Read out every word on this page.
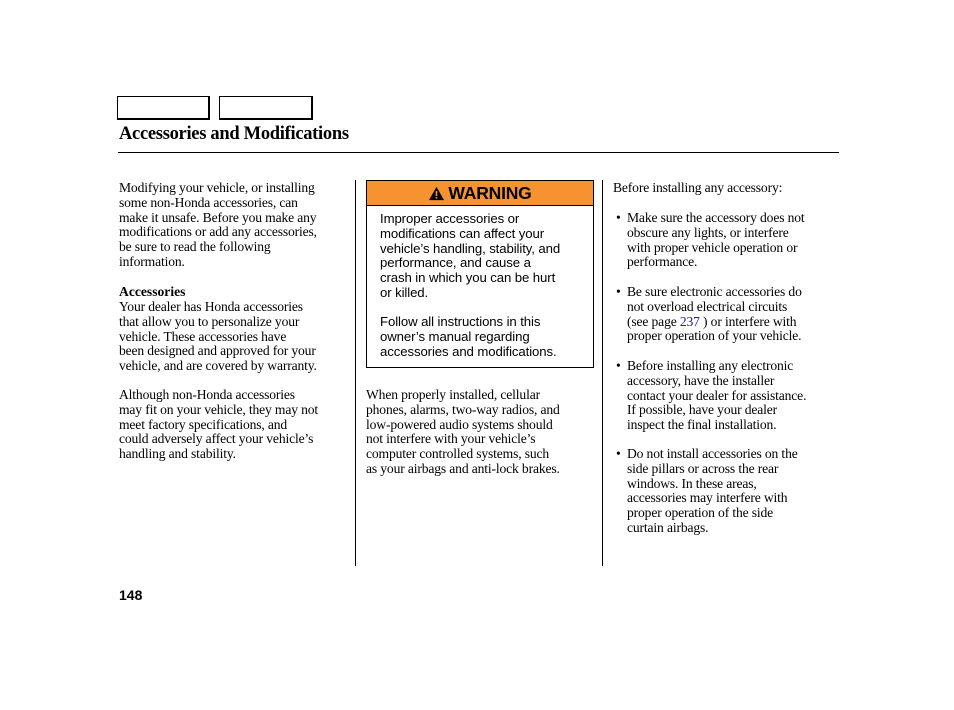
Accessories and Modifications

Modifying your vehicle, or installing
some non-Honda accessories, can
make it unsafe. Before you make any
modifications or add any accessories,
be sure to read the following
information.

Accessories

Your dealer has Honda accessories
that allow you to personalize your
vehicle. These accessories have
been designed and approved for your
vehicle, and are covered by warranty.

Although non-Honda accessories
may fit on your vehicle, they may not
meet factory specifications, and
could adversely affect your vehicle’s
handling and stability.

WARNING

Improper accessories or
modifications can affect your
vehicle’s handling, stability, and
performance, and cause a
crash in which you can be hurt
or killed.

Follow all instructions in this
owner’s manual regarding
accessories and modifications.

When properly installed, cellular
phones, alarms, two-way radios, and
low-powered audio systems should
not interfere with your vehicle’s
computer controlled systems, such
as your airbags and anti-lock brakes.

Before installing any accessory:

• Make sure the accessory does not
obscure any lights, or interfere
with proper vehicle operation or
performance.
• Be sure electronic accessories do
not overload electrical circuits
(see page 237 ) or interfere with
proper operation of your vehicle.
• Before installing any electronic
accessory, have the installer
contact your dealer for assistance.
If possible, have your dealer
inspect the final installation.
• Do not install accessories on the
side pillars or across the rear
windows. In these areas,
accessories may interfere with
proper operation of the side
curtain airbags.

148
